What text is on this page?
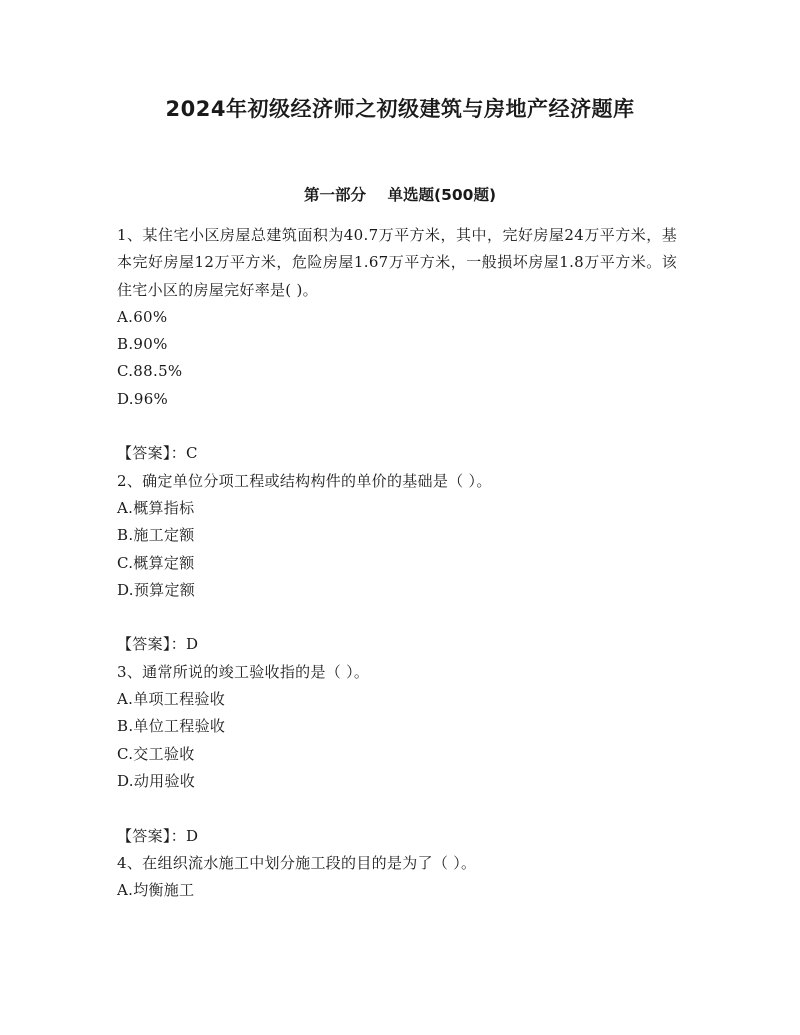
2024年初级经济师之初级建筑与房地产经济题库
第一部分    单选题(500题)

1、某住宅小区房屋总建筑面积为40.7万平方米，其中，完好房屋24万平方米，基本完好房屋12万平方米，危险房屋1.67万平方米，一般损坏房屋1.8万平方米。该住宅小区的房屋完好率是( )。

A.60%
B.90%
C.88.5%
D.96%

【答案】：C

2、确定单位分项工程或结构构件的单价的基础是（ ）。

A.概算指标
B.施工定额
C.概算定额
D.预算定额

【答案】：D

3、通常所说的竣工验收指的是（ ）。

A.单项工程验收
B.单位工程验收
C.交工验收
D.动用验收

【答案】：D

4、在组织流水施工中划分施工段的目的是为了（ ）。

A.均衡施工
